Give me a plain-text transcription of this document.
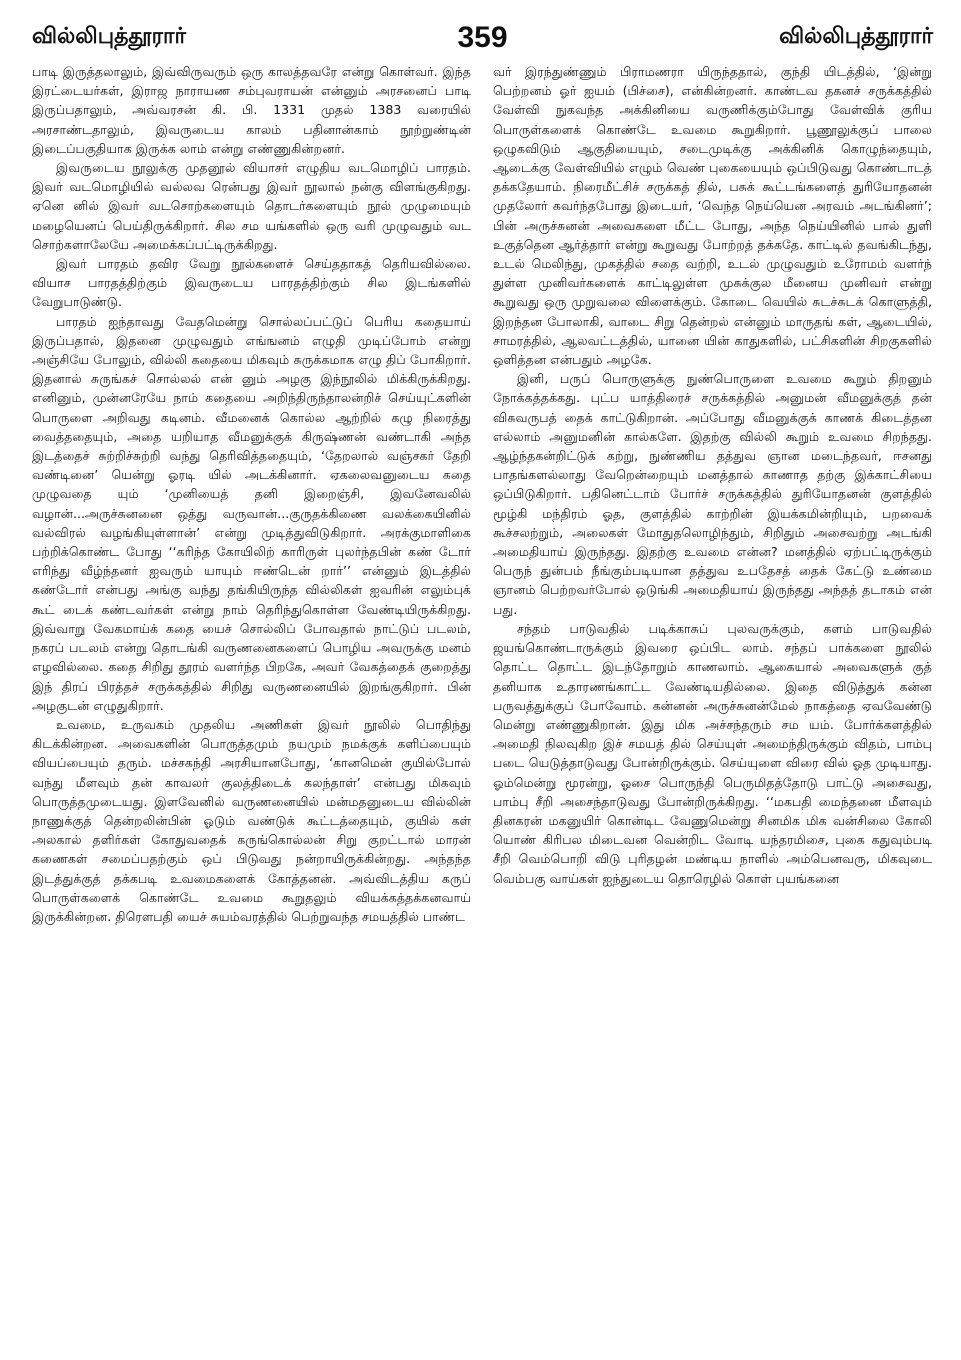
வில்லிபுத்தூரார்	359	வில்லிபுத்தூரார்

பாடி இருத்தலாலும், இவ்விருவரும் ஒரு காலத்தவரே என்று கொள்வர். இந்த இரட்டையர்கள், இராஜ நாராயண சம்புவராயன் என்னும் அரசனைப் பாடி இருப்பதாலும், அவ்வரசன் கி. பி. 1331 முதல் 1383 வரையில் அரசாண்டதாலும், இவருடைய காலம் பதினான்காம் நூற்றுண்டின் இடைப்பகுதியாக இருக்க லாம் என்று எண்ணுகின்றனர்.

இவருடைய நூலுக்கு முதனூல் வியாசர் எழுதிய வடமொழிப் பாரதம். இவர் வடமொழியில் வல்லவ ரென்பது இவர் நூலால் நன்கு விளங்குகிறது. ஏனெ னில் இவர் வடசொற்களையும் தொடர்களையும் நூல் முழுமையும் மழையெனப் பெய்திருக்கிறார். சில சம யங்களில் ஒரு வரி முழுவதும் வட சொற்களாலேயே அமைக்கப்பட்டிருக்கிறது.

இவர் பாரதம் தவிர வேறு நூல்களைச் செய்ததாகத் தெரியவில்லை. வியாச பாரதத்திற்கும் இவருடைய பாரதத்திற்கும் சில இடங்களில் வேறுபாடுண்டு.

பாரதம் ஐந்தாவது வேதமென்று சொல்லப்பட்டுப் பெரிய கதையாய் இருப்பதால், இதனை முழுவதும் எங்ஙனம் எழுதி முடிப்போம் என்று அஞ்சியே போலும், வில்லி கதையை மிகவும் சுருக்கமாக எழு திப் போகிறார். இதனால் சுருங்கச் சொல்லல் என் னும் அழகு இந்நூலில் மிக்கிருக்கிறது. எனினும், முன்னரேயே நாம் கதையை அறிந்திருந்தாலன்றிச் செய்யுட்களின் பொருளை அறிவது கடினம். வீமனைக் கொல்ல ஆற்றில் கழு நிரைத்து வைத்ததையும், அதை யறியாத வீமனுக்குக் கிருஷ்ணன் வண்டாகி அந்த இடத்தைச் சுற்றிச்சுற்றி வந்து தெரிவித்ததையும், ‘தேறலால் வஞ்சகர் தேறி வண்டினை’ யென்று ஓரடி யில் அடக்கினார். ஏகலைவனுடைய கதை முழுவதை யும் ‘முனியைத் தனி இறைஞ்சி, இவனேவலில் வழான்...அருச்சுனனை ஒத்து வருவான்...குருதக்கிணை வலக்கையினில் வல்விரல் வழங்கியுள்ளான்’ என்று முடித்துவிடுகிறார். அரக்குமாளிகை பற்றிக்கொண்ட போது ‘‘கரிந்த கோயிலிற் காரிருள் புலர்ந்தபின் கண் டோர் எரிந்து வீழ்ந்தனர் ஐவரும் யாயும் ஈண்டென் றார்’’ என்னும் இடத்தில் கண்டோர் என்பது அங்கு வந்து தங்கியிருந்த வில்லிகள் ஐவரின் எலும்புக் கூட் டைக் கண்டவர்கள் என்று நாம் தெரிந்துகொள்ள வேண்டியிருக்கிறது. இவ்வாறு வேகமாய்க் கதை யைச் சொல்லிப் போவதால் நாட்டுப் படலம், நகரப் படலம் என்று தொடங்கி வருணனைகளைப் பொழிய அவருக்கு மனம் எழவில்லை. கதை சிறிது தூரம் வளர்ந்த பிறகே, அவர் வேகத்தைக் குறைத்து இந் திரப் பிரத்தச் சருக்கத்தில் சிறிது வருணனையில் இறங்குகிறார். பின் அழகுடன் எழுதுகிறார்.

உவமை, உருவகம் முதலிய அணிகள் இவர் நூலில் பொதிந்து கிடக்கின்றன. அவைகளின் பொருத்தமும் நயமும் நமக்குக் களிப்பையும் வியப்பையும் தரும். மச்சகந்தி அரசியானபோது, ‘கானமென் குயில்போல் வந்து மீளவும் தன் காவலர் குலத்திடைக் கலந்தாள்’ என்பது மிகவும் பொருத்தமுடையது. இளவேனில் வருணனையில் மன்மதனுடைய வில்லின் நாணுக்குத் தென்றலின்பின் ஓடும் வண்டுக் கூட்டத்தையும், குயில் கள் அலகால் தளிர்கள் கோதுவதைக் கருங்கொல்லன் சிறு குறட்டால் மாரன் கணைகள் சமைப்பதற்கும் ஒப் பிடுவது நன்றாயிருக்கின்றது. அந்தந்த இடத்துக்குத் தக்கபடி உவமைகளைக் கோத்தனன். அவ்விடத்திய கருப் பொருள்களைக் கொண்டே உவமை கூறுதலும் வியக்கத்தக்கனவாய் இருக்கின்றன. திரௌபதி யைச் சுயம்வரத்தில் பெற்றுவந்த சமயத்தில் பாண்ட

வர் இரந்துண்ணும் பிராமணரா யிருந்ததால், குந்தி யிடத்தில், ‘இன்று பெற்றனம் ஓர் ஐயம் (பிச்சை), என்கின்றனர். காண்டவ தகனச் சருக்கத்தில் வேள்வி நுகவந்த அக்கினியை வருணிக்கும்போது வேள்விக் குரிய பொருள்களைக் கொண்டே உவமை கூறுகிறார். பூணூலுக்குப் பாலை ஒழுகவிடும் ஆகுதியையும், சடைமுடிக்கு அக்கினிக் கொழுந்தையும், ஆடைக்கு வேள்வியில் எழும் வெண் புகையையும் ஒப்பிடுவது கொண்டாடத் தக்கதேயாம். நிரைமீட்சிச் சருக்கத் தில், பசுக் கூட்டங்களைத் துரியோதனன் முதலோர் கவர்ந்தபோது இடையர், ‘வெந்த நெய்யென அரவம் அடங்கினர்’; பின் அருச்சுனன் அவைகளை மீட்ட போது, அந்த நெய்யினில் பால் துளி உகுத்தென ஆர்த்தார் என்று கூறுவது போற்றத் தக்கதே. காட்டில் தவங்கிடந்து, உடல் மெலிந்து, முகத்தில் சதை வற்றி, உடல் முழுவதும் உரோமம் வளர்ந் துள்ள முனிவர்களைக் காட்டிலுள்ள முசுக்குல மீனைய முனிவர் என்று கூறுவது ஒரு முறுவலை விளைக்கும். கோடை வெயில் சுடச்சுடக் கொளுத்தி, இறந்தன போலாகி, வாடை சிறு தென்றல் என்னும் மாருதங் கள், ஆடையில், சாமரத்தில், ஆலவட்டத்தில், யானை யின் காதுகளில், பட்சிகளின் சிறகுகளில் ஒளித்தன என்பதும் அழகே.

இனி, பருப் பொருளுக்கு நுண்பொருளை உவமை கூறும் திறனும் நோக்கத்தக்கது. புட்ப யாத்திரைச் சருக்கத்தில் அனுமன் வீமனுக்குத் தன் விசுவருபத் தைக் காட்டுகிறான். அப்போது வீமனுக்குக் காணக் கிடைத்தன எல்லாம் அனுமனின் கால்களே. இதற்கு வில்லி கூறும் உவமை சிறந்தது. ஆழ்ந்தகன்றிட்டுக் கற்று, நுண்ணிய தத்துவ ஞான மடைந்தவர், ஈசனது பாதங்களல்லாது வேறென்றையும் மனத்தால் காணாத தற்கு இக்காட்சியை ஒப்பிடுகிறார். பதினெட்டாம் போர்ச் சருக்கத்தில் துரியோதனன் குளத்தில் மூழ்கி மந்திரம் ஓத, குளத்தில் காற்றின் இயக்கமின்றியும், பறவைக் கூச்சலற்றும், அலைகள் மோதுதலொழிந்தும், சிறிதும் அசைவற்று அடங்கி அமைதியாய் இருந்தது. இதற்கு உவமை என்ன? மனத்தில் ஏற்பட்டிருக்கும் பெருந் துன்பம் நீங்கும்படியான தத்துவ உபதேசத் தைக் கேட்டு உண்மை ஞானம் பெற்றவர்போல் ஒடுங்கி அமைதியாய் இருந்தது அந்தத் தடாகம் என் பது.

சந்தம் பாடுவதில் படிக்காசுப் புலவருக்கும், களம் பாடுவதில் ஜயங்கொண்டாருக்கும் இவரை ஒப்பிட லாம். சந்தப் பாக்களை நூலில் தொட்ட தொட்ட இடந்தோறும் காணலாம். ஆகையால் அவைகளுக் குத் தனியாக உதாரணங்காட்ட வேண்டியதில்லை. இதை விடுத்துக் கன்ன பருவத்துக்குப் போவோம். கன்னன் அருச்சுனன்மேல் நாகத்தை ஏவவேண்டு மென்று எண்ணுகிறான். இது மிக அச்சந்தரும் சம யம். போர்க்களத்தில் அமைதி நிலவுகிற இச் சமயத் தில் செய்யுள் அமைந்திருக்கும் விதம், பாம்பு படை யெடுத்தாடுவது போன்றிருக்கும். செய்யுளை விரை வில் ஓத முடியாது. ஓம்மென்று மூரன்று, ஓசை பொருந்தி பெருமிதத்தோடு பாட்டு அசைவது, பாம்பு சீறி அசைந்தாடுவது போன்றிருக்கிறது. ‘‘மகபதி மைந்தனை மீளவும் தினகரன் மகனுயிர் கொன்டிட வேணுமென்று சினமிக மிக வன்சிலை கோலி யொண் கிரிபல மிடைவன வென்றிட வோடி யந்தரமிசை, புகை கதுவும்படி சீறி வெம்பொறி விடு புரிதழன் மண்டிய நாளில் அம்பெனவரு, மிகவுடை வெம்பகு வாய்கள் ஐந்துடைய தொரெழில் கொள் புயங்கனை
